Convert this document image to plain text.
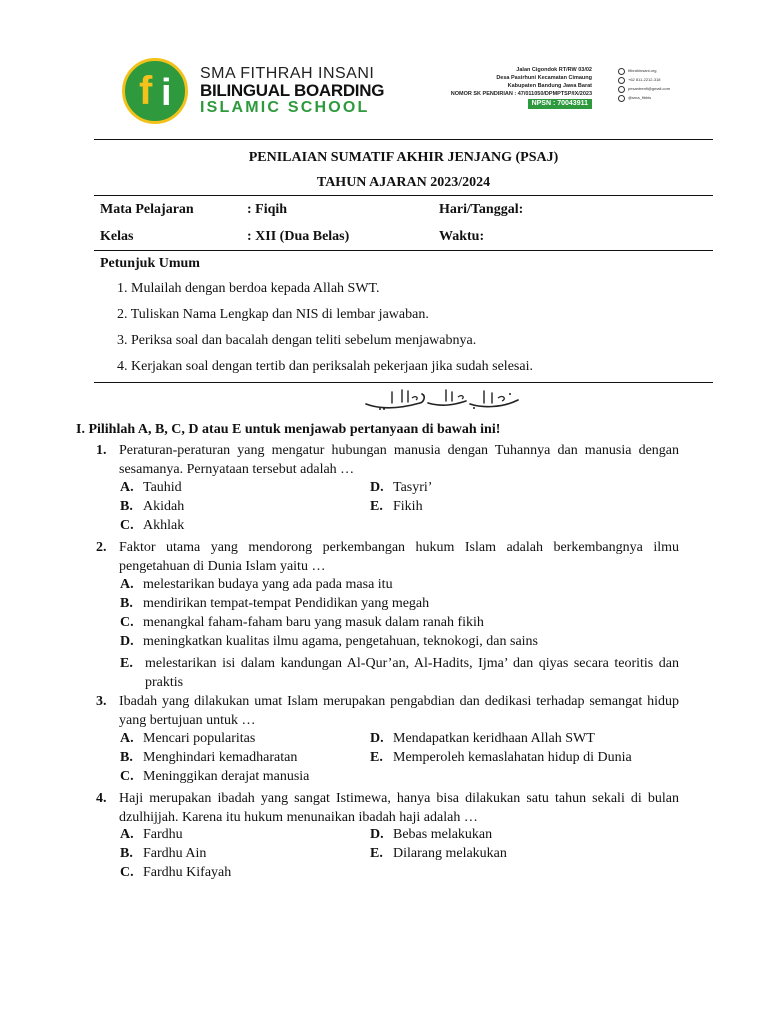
f i SMA FITHRAH INSANI
BILINGUAL BOARDING
ISLAMIC SCHOOL
Jalan Cigondok RT/RW 03/02
Desa Pasirhuni Kecamatan Cimaung
Kabupaten Bandung Jawa Barat
NOMOR SK PENDIRIAN : 47/011050/DPMPTSP/IX/2023
NPSN : 70043911
fithrahinsani.org
+62 811-2212-318
pesantrenfi@gmail.com
@sma_fibbis
PENILAIAN SUMATIF AKHIR JENJANG (PSAJ)
TAHUN AJARAN 2023/2024
Mata Pelajaran	: Fiqih	Hari/Tanggal:
Kelas	: XII (Dua Belas)	Waktu:
Petunjuk Umum
1. Mulailah dengan berdoa kepada Allah SWT.
2. Tuliskan Nama Lengkap dan NIS di lembar jawaban.
3. Periksa soal dan bacalah dengan teliti sebelum menjawabnya.
4. Kerjakan soal dengan tertib dan periksalah pekerjaan jika sudah selesai.
I. Pilihlah A, B, C, D atau E untuk menjawab pertanyaan di bawah ini!
1. Peraturan-peraturan yang mengatur hubungan manusia dengan Tuhannya dan manusia dengan sesamanya. Pernyataan tersebut adalah …
A. Tauhid
B. Akidah
C. Akhlak
D. Tasyri’
E. Fikih
2. Faktor utama yang mendorong perkembangan hukum Islam adalah berkembangnya ilmu pengetahuan di Dunia Islam yaitu …
A. melestarikan budaya yang ada pada masa itu
B. mendirikan tempat-tempat Pendidikan yang megah
C. menangkal faham-faham baru yang masuk dalam ranah fikih
D. meningkatkan kualitas ilmu agama, pengetahuan, teknokogi, dan sains
E. melestarikan isi dalam kandungan Al-Qur’an, Al-Hadits, Ijma’ dan qiyas secara teoritis dan praktis
3. Ibadah yang dilakukan umat Islam merupakan pengabdian dan dedikasi terhadap semangat hidup yang bertujuan untuk …
A. Mencari popularitas
B. Menghindari kemadharatan
C. Meninggikan derajat manusia
D. Mendapatkan keridhaan Allah SWT
E. Memperoleh kemaslahatan hidup di Dunia
4. Haji merupakan ibadah yang sangat Istimewa, hanya bisa dilakukan satu tahun sekali di bulan dzulhijjah. Karena itu hukum menunaikan ibadah haji adalah …
A. Fardhu
B. Fardhu Ain
C. Fardhu Kifayah
D. Bebas melakukan
E. Dilarang melakukan
